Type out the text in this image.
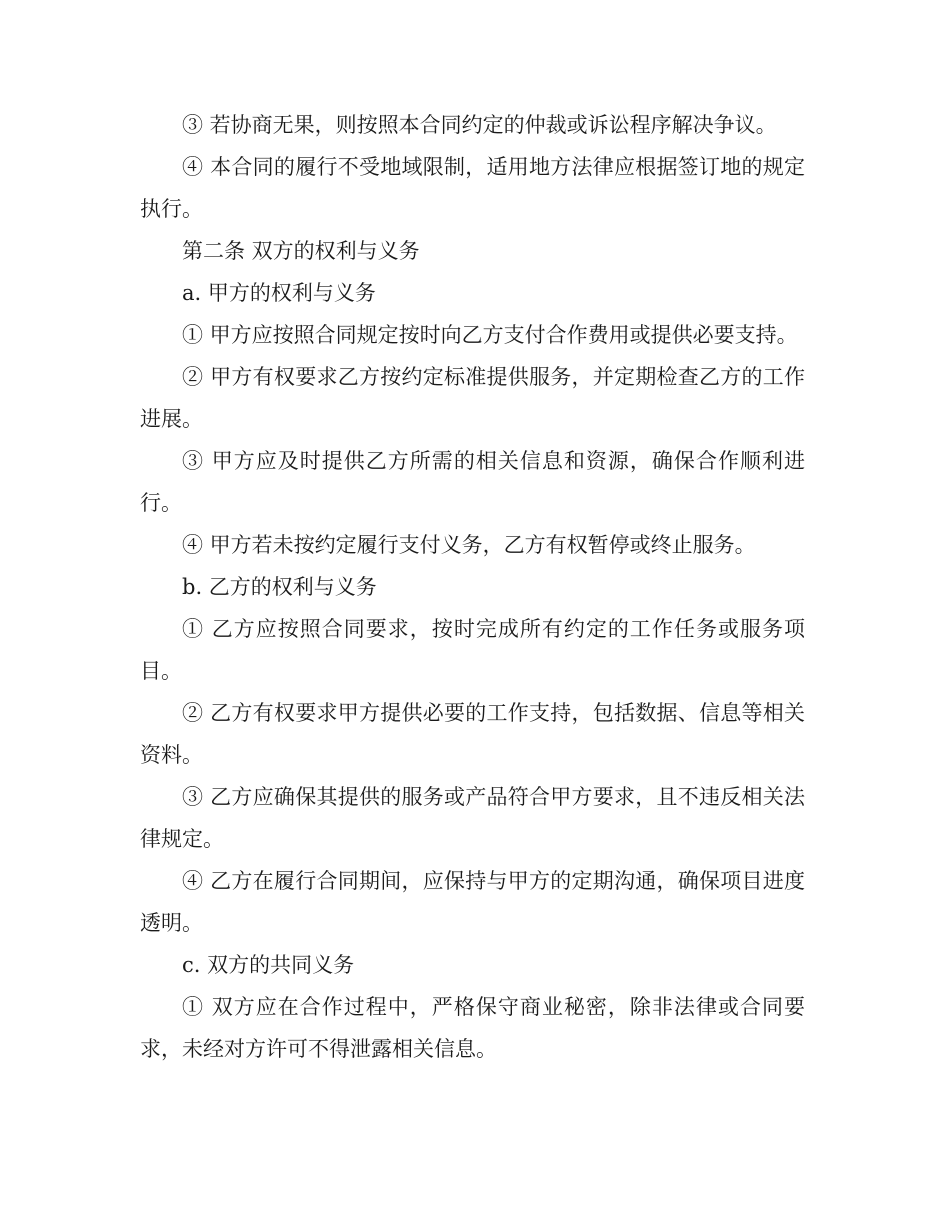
③ 若协商无果，则按照本合同约定的仲裁或诉讼程序解决争议。

④ 本合同的履行不受地域限制，适用地方法律应根据签订地的规定执行。

第二条 双方的权利与义务

a. 甲方的权利与义务

① 甲方应按照合同规定按时向乙方支付合作费用或提供必要支持。

② 甲方有权要求乙方按约定标准提供服务，并定期检查乙方的工作进展。

③ 甲方应及时提供乙方所需的相关信息和资源，确保合作顺利进行。

④ 甲方若未按约定履行支付义务，乙方有权暂停或终止服务。

b. 乙方的权利与义务

① 乙方应按照合同要求，按时完成所有约定的工作任务或服务项目。

② 乙方有权要求甲方提供必要的工作支持，包括数据、信息等相关资料。

③ 乙方应确保其提供的服务或产品符合甲方要求，且不违反相关法律规定。

④ 乙方在履行合同期间，应保持与甲方的定期沟通，确保项目进度透明。

c. 双方的共同义务

① 双方应在合作过程中，严格保守商业秘密，除非法律或合同要求，未经对方许可不得泄露相关信息。
